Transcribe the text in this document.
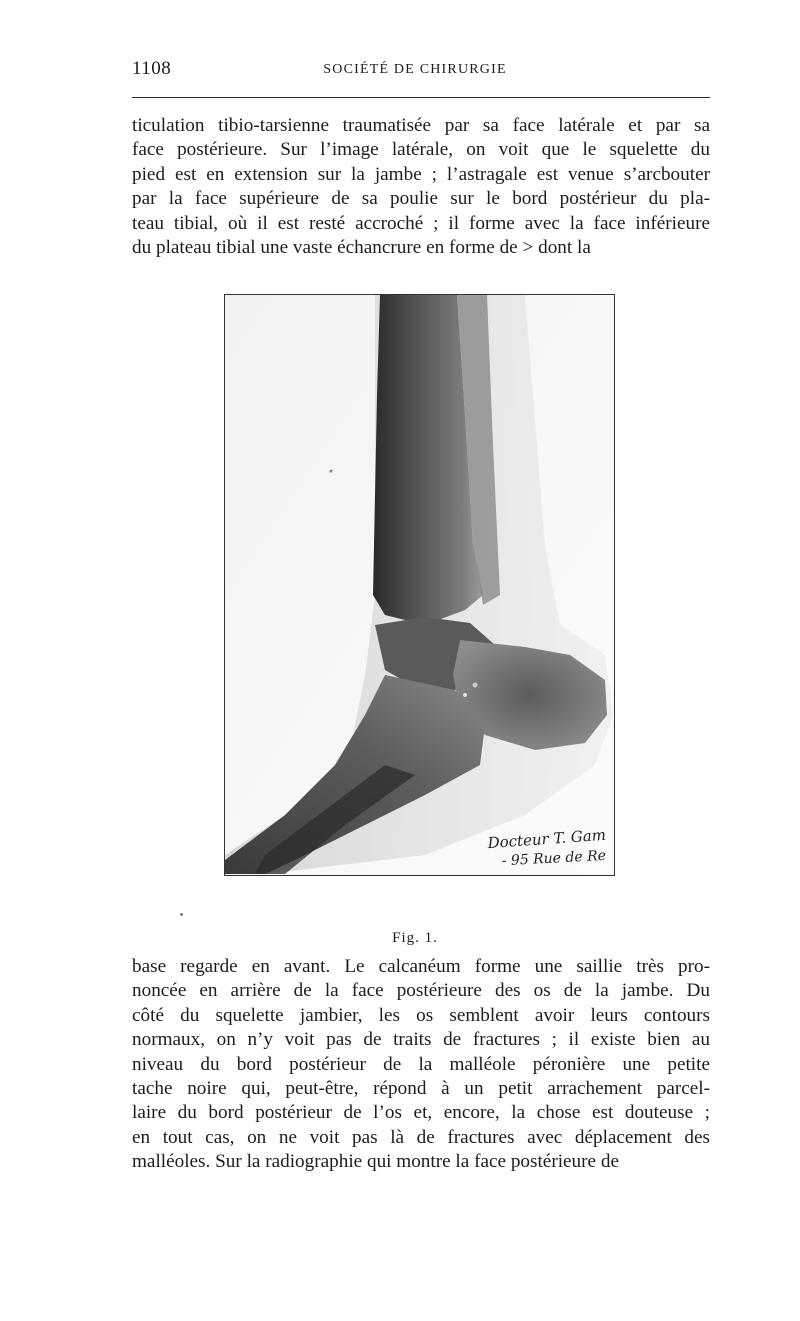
1108	SOCIÉTÉ DE CHIRURGIE
ticulation tibio-tarsienne traumatisée par sa face latérale et par sa
face postérieure. Sur l’image latérale, on voit que le squelette du
pied est en extension sur la jambe ; l’astragale est venue s’arcbouter
par la face supérieure de sa poulie sur le bord postérieur du pla-
teau tibial, où il est resté accroché ; il forme avec la face inférieure
du plateau tibial une vaste échancrure en forme de > dont la
Docteur T. Gam
- 95 Rue de Re
Fig. 1.
base regarde en avant. Le calcanéum forme une saillie très pro-
noncée en arrière de la face postérieure des os de la jambe. Du
côté du squelette jambier, les os semblent avoir leurs contours
normaux, on n’y voit pas de traits de fractures ; il existe bien au
niveau du bord postérieur de la malléole péronière une petite
tache noire qui, peut-être, répond à un petit arrachement parcel-
laire du bord postérieur de l’os et, encore, la chose est douteuse ;
en tout cas, on ne voit pas là de fractures avec déplacement des
malléoles. Sur la radiographie qui montre la face postérieure de
